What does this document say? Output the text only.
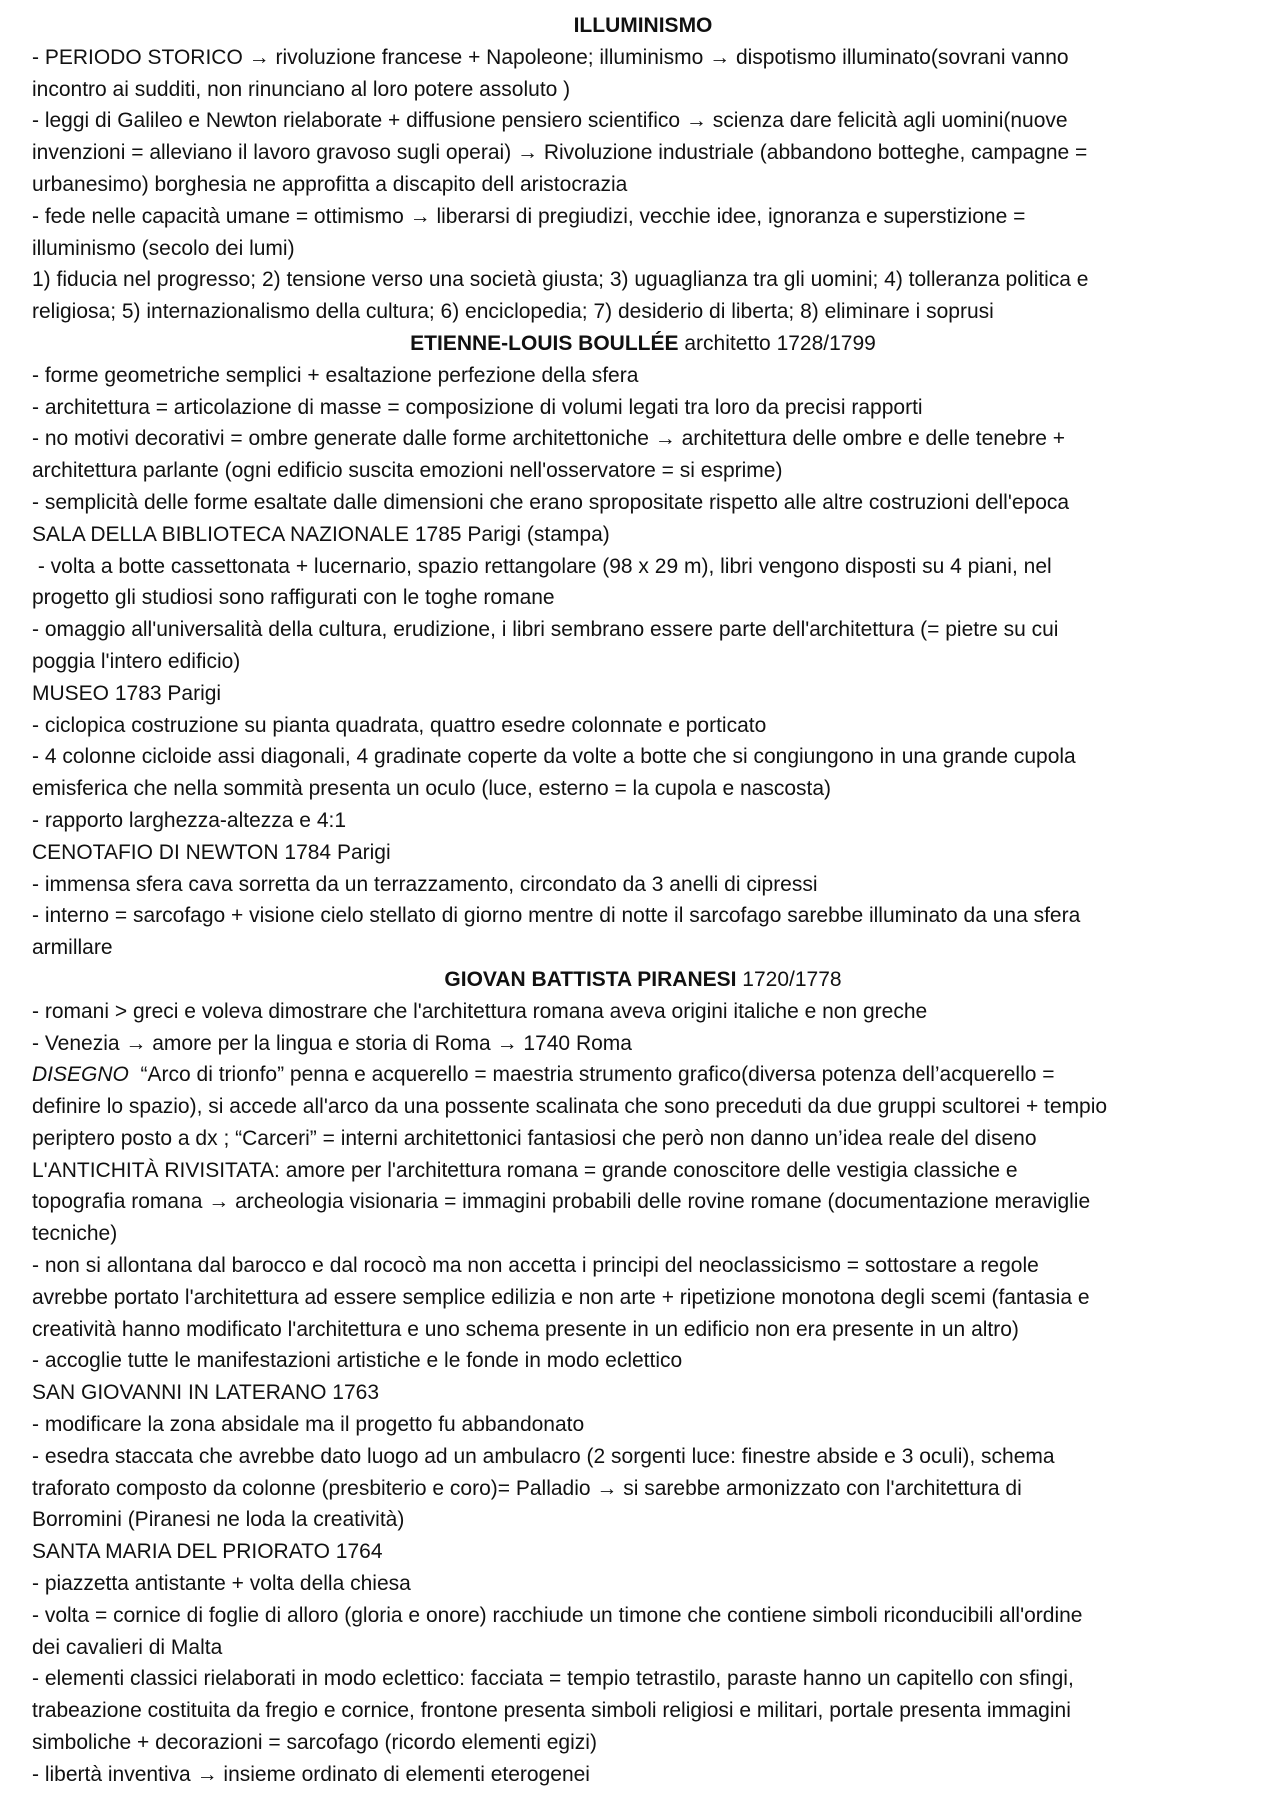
ILLUMINISMO
- PERIODO STORICO → rivoluzione francese + Napoleone; illuminismo → dispotismo illuminato(sovrani vanno
incontro ai sudditi, non rinunciano al loro potere assoluto )
- leggi di Galileo e Newton rielaborate + diffusione pensiero scientifico → scienza dare felicità agli uomini(nuove
invenzioni = alleviano il lavoro gravoso sugli operai) → Rivoluzione industriale (abbandono botteghe, campagne =
urbanesimo) borghesia ne approfitta a discapito dell aristocrazia
- fede nelle capacità umane = ottimismo → liberarsi di pregiudizi, vecchie idee, ignoranza e superstizione =
illuminismo (secolo dei lumi)
1) fiducia nel progresso; 2) tensione verso una società giusta; 3) uguaglianza tra gli uomini; 4) tolleranza politica e
religiosa; 5) internazionalismo della cultura; 6) enciclopedia; 7) desiderio di liberta; 8) eliminare i soprusi
ETIENNE-LOUIS BOULLÉE architetto 1728/1799
- forme geometriche semplici + esaltazione perfezione della sfera
- architettura = articolazione di masse = composizione di volumi legati tra loro da precisi rapporti
- no motivi decorativi = ombre generate dalle forme architettoniche → architettura delle ombre e delle tenebre +
architettura parlante (ogni edificio suscita emozioni nell'osservatore = si esprime)
- semplicità delle forme esaltate dalle dimensioni che erano spropositate rispetto alle altre costruzioni dell'epoca
SALA DELLA BIBLIOTECA NAZIONALE 1785 Parigi (stampa)
- volta a botte cassettonata + lucernario, spazio rettangolare (98 x 29 m), libri vengono disposti su 4 piani, nel
progetto gli studiosi sono raffigurati con le toghe romane
- omaggio all'universalità della cultura, erudizione, i libri sembrano essere parte dell'architettura (= pietre su cui
poggia l'intero edificio)
MUSEO 1783 Parigi
- ciclopica costruzione su pianta quadrata, quattro esedre colonnate e porticato
- 4 colonne cicloide assi diagonali, 4 gradinate coperte da volte a botte che si congiungono in una grande cupola
emisferica che nella sommità presenta un oculo (luce, esterno = la cupola e nascosta)
- rapporto larghezza-altezza e 4:1
CENOTAFIO DI NEWTON 1784 Parigi
- immensa sfera cava sorretta da un terrazzamento, circondato da 3 anelli di cipressi
- interno = sarcofago + visione cielo stellato di giorno mentre di notte il sarcofago sarebbe illuminato da una sfera
armillare
GIOVAN BATTISTA PIRANESI 1720/1778
- romani > greci e voleva dimostrare che l'architettura romana aveva origini italiche e non greche
- Venezia → amore per la lingua e storia di Roma → 1740 Roma
DISEGNO  “Arco di trionfo” penna e acquerello = maestria strumento grafico(diversa potenza dell’acquerello =
definire lo spazio), si accede all'arco da una possente scalinata che sono preceduti da due gruppi scultorei + tempio
periptero posto a dx ; “Carceri” = interni architettonici fantasiosi che però non danno un’idea reale del diseno
L'ANTICHITÀ RIVISITATA: amore per l'architettura romana = grande conoscitore delle vestigia classiche e
topografia romana → archeologia visionaria = immagini probabili delle rovine romane (documentazione meraviglie
tecniche)
- non si allontana dal barocco e dal rococò ma non accetta i principi del neoclassicismo = sottostare a regole
avrebbe portato l'architettura ad essere semplice edilizia e non arte + ripetizione monotona degli scemi (fantasia e
creatività hanno modificato l'architettura e uno schema presente in un edificio non era presente in un altro)
- accoglie tutte le manifestazioni artistiche e le fonde in modo eclettico
SAN GIOVANNI IN LATERANO 1763
- modificare la zona absidale ma il progetto fu abbandonato
- esedra staccata che avrebbe dato luogo ad un ambulacro (2 sorgenti luce: finestre abside e 3 oculi), schema
traforato composto da colonne (presbiterio e coro)= Palladio → si sarebbe armonizzato con l'architettura di
Borromini (Piranesi ne loda la creatività)
SANTA MARIA DEL PRIORATO 1764
- piazzetta antistante + volta della chiesa
- volta = cornice di foglie di alloro (gloria e onore) racchiude un timone che contiene simboli riconducibili all'ordine
dei cavalieri di Malta
- elementi classici rielaborati in modo eclettico: facciata = tempio tetrastilo, paraste hanno un capitello con sfingi,
trabeazione costituita da fregio e cornice, frontone presenta simboli religiosi e militari, portale presenta immagini
simboliche + decorazioni = sarcofago (ricordo elementi egizi)
- libertà inventiva → insieme ordinato di elementi eterogenei
